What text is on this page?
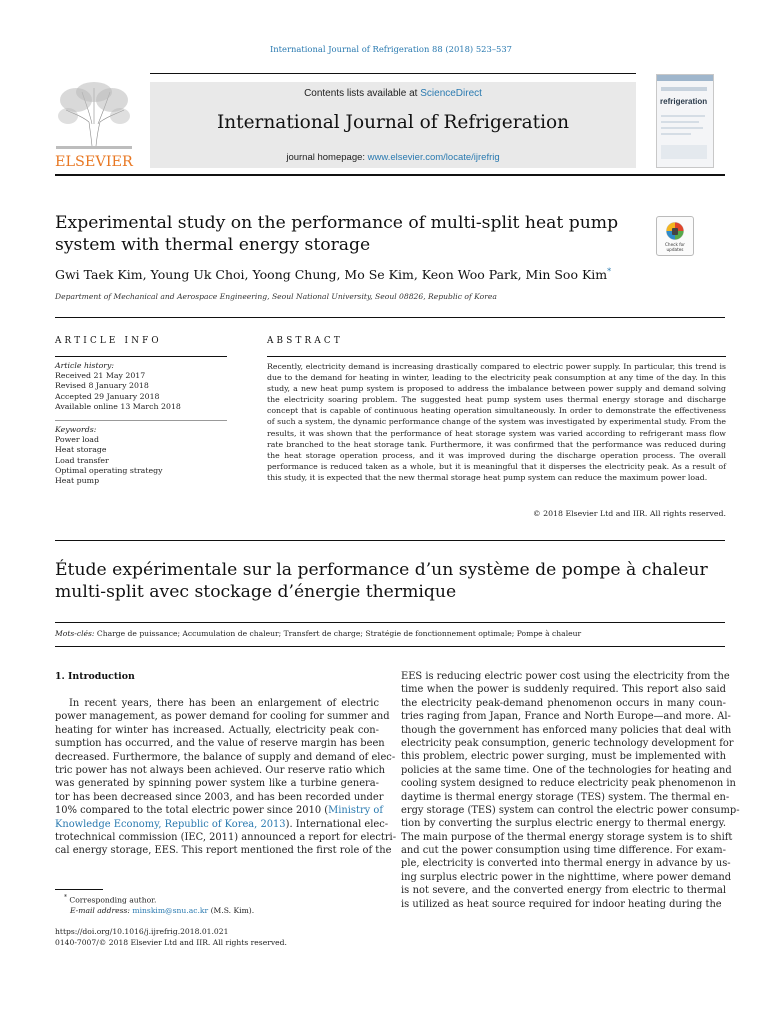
International Journal of Refrigeration 88 (2018) 523–537
ELSEVIER
Contents lists available at ScienceDirect
International Journal of Refrigeration
journal homepage: www.elsevier.com/locate/ijrefrig
refrigeration
Experimental study on the performance of multi-split heat pump
system with thermal energy storage	Check for
updates
Gwi Taek Kim, Young Uk Choi, Yoong Chung, Mo Se Kim, Keon Woo Park, Min Soo Kim*
Department of Mechanical and Aerospace Engineering, Seoul National University, Seoul 08826, Republic of Korea
ARTICLE INFO
Article history:
Received 21 May 2017
Revised 8 January 2018
Accepted 29 January 2018
Available online 13 March 2018
Keywords:
Power load
Heat storage
Load transfer
Optimal operating strategy
Heat pump
ABSTRACT
Recently, electricity demand is increasing drastically compared to electric power supply. In particular, this trend is due to the demand for heating in winter, leading to the electricity peak consumption at any time of the day. In this study, a new heat pump system is proposed to address the imbalance between power supply and demand solving the electricity soaring problem. The suggested heat pump system uses thermal energy storage and discharge concept that is capable of continuous heating operation simultaneously. In order to demonstrate the effectiveness of such a system, the dynamic performance change of the system was investigated by experimental study. From the results, it was shown that the performance of heat storage system was varied according to refrigerant mass flow rate branched to the heat storage tank. Furthermore, it was confirmed that the performance was reduced during the heat storage operation process, and it was improved during the discharge operation process. The overall performance is reduced taken as a whole, but it is meaningful that it disperses the electricity peak. As a result of this study, it is expected that the new thermal storage heat pump system can reduce the maximum power load.
© 2018 Elsevier Ltd and IIR. All rights reserved.
Étude expérimentale sur la performance d’un système de pompe à chaleur
multi-split avec stockage d’énergie thermique
Mots-clés: Charge de puissance; Accumulation de chaleur; Transfert de charge; Stratégie de fonctionnement optimale; Pompe à chaleur
1. Introduction
In recent years, there has been an enlargement of electric
power management, as power demand for cooling for summer and
heating for winter has increased. Actually, electricity peak con-
sumption has occurred, and the value of reserve margin has been
decreased. Furthermore, the balance of supply and demand of elec-
tric power has not always been achieved. Our reserve ratio which
was generated by spinning power system like a turbine genera-
tor has been decreased since 2003, and has been recorded under
10% compared to the total electric power since 2010 (Ministry of
Knowledge Economy, Republic of Korea, 2013). International elec-
trotechnical commission (IEC, 2011) announced a report for electri-
cal energy storage, EES. This report mentioned the first role of the
EES is reducing electric power cost using the electricity from the
time when the power is suddenly required. This report also said
the electricity peak-demand phenomenon occurs in many coun-
tries raging from Japan, France and North Europe—and more. Al-
though the government has enforced many policies that deal with
electricity peak consumption, generic technology development for
this problem, electric power surging, must be implemented with
policies at the same time. One of the technologies for heating and
cooling system designed to reduce electricity peak phenomenon in
daytime is thermal energy storage (TES) system. The thermal en-
ergy storage (TES) system can control the electric power consump-
tion by converting the surplus electric energy to thermal energy.
The main purpose of the thermal energy storage system is to shift
and cut the power consumption using time difference. For exam-
ple, electricity is converted into thermal energy in advance by us-
ing surplus electric power in the nighttime, where power demand
is not severe, and the converted energy from electric to thermal
is utilized as heat source required for indoor heating during the
* Corresponding author.
E-mail address: minskim@snu.ac.kr (M.S. Kim).
https://doi.org/10.1016/j.ijrefrig.2018.01.021
0140-7007/© 2018 Elsevier Ltd and IIR. All rights reserved.
